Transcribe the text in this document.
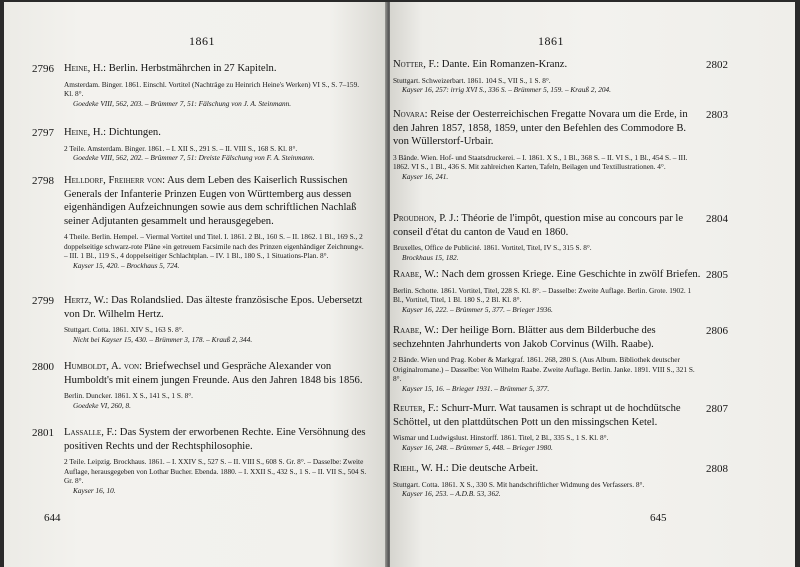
1861
2796 Heine, H.: Berlin. Herbstmährchen in 27 Kapiteln.

Amsterdam. Binger. 1861. Einschl. Vortitel (Nachträge zu Heinrich Heine's Werken) VI S., S. 7–159. Kl. 8°.

Goedeke VIII, 562, 203. – Brümmer 7, 51: Fälschung von J. A. Steinmann.

2797 Heine, H.: Dichtungen.

2 Teile. Amsterdam. Binger. 1861. – I. XII S., 291 S. – II. VIII S., 168 S. Kl. 8°.

Goedeke VIII, 562, 202. – Brümmer 7, 51: Dreiste Fälschung von F. A. Steinmann.

2798 Helldorf, Freiherr von: Aus dem Leben des Kaiserlich Russischen Generals der Infanterie Prinzen Eugen von Württemberg aus dessen eigenhändigen Aufzeichnungen sowie aus dem schriftlichen Nachlaß seiner Adjutanten gesammelt und herausgegeben.

4 Theile. Berlin. Hempel. – Viermal Vortitel und Titel. I. 1861. 2 Bl., 160 S. – II. 1862. 1 Bl., 169 S., 2 doppelseitige schwarz-rote Pläne »in getreuem Facsimile nach des Prinzen eigenhändiger Zeichnung«. – III. 1 Bl., 119 S., 4 doppelseitiger Schlachtplan. – IV. 1 Bl., 180 S., 1 Situations-Plan. 8°.

Kayser 15, 420. – Brockhaus 5, 724.

2799 Hertz, W.: Das Rolandslied. Das älteste französische Epos. Uebersetzt von Dr. Wilhelm Hertz.

Stuttgart. Cotta. 1861. XIV S., 163 S. 8°.

Nicht bei Kayser 15, 430. – Brümmer 3, 178. – Krauß 2, 344.

2800 Humboldt, A. von: Briefwechsel und Gespräche Alexander von Humboldt's mit einem jungen Freunde. Aus den Jahren 1848 bis 1856.

Berlin. Duncker. 1861. X S., 141 S., 1 S. 8°.

Goedeke VI, 260, 8.

2801 Lassalle, F.: Das System der erworbenen Rechte. Eine Versöhnung des positiven Rechts und der Rechtsphilosophie.

2 Teile. Leipzig. Brockhaus. 1861. – I. XXIV S., 527 S. – II. VIII S., 608 S. Gr. 8°. – Dasselbe: Zweite Auflage, herausgegeben von Lothar Bucher. Ebenda. 1880. – I. XXII S., 432 S., 1 S. – II. VII S., 504 S. Gr. 8°.

Kayser 16, 10.

644
1861
2802

Notter, F.: Dante. Ein Romanzen-Kranz.

Stuttgart. Schweizerbart. 1861. 104 S., VII S., 1 S. 8°.

Kayser 16, 257: irrig XVI S., 336 S. – Brümmer 5, 159. – Krauß 2, 204.

2803

Novara: Reise der Oesterreichischen Fregatte Novara um die Erde, in den Jahren 1857, 1858, 1859, unter den Befehlen des Commodore B. von Wüllerstorf-Urbair.

3 Bände. Wien. Hof- und Staatsdruckerei. – I. 1861. X S., 1 Bl., 368 S. – II. VI S., 1 Bl., 454 S. – III. 1862. VI S., 1 Bl., 436 S. Mit zahlreichen Karten, Tafeln, Beilagen und Textillustrationen. 4°.

Kayser 16, 241.

2804

Proudhon, P. J.: Théorie de l'impôt, question mise au concours par le conseil d'état du canton de Vaud en 1860.

Bruxelles, Office de Publicité. 1861. Vortitel, Titel, IV S., 315 S. 8°.

Brockhaus 15, 182.

2805

Raabe, W.: Nach dem grossen Kriege. Eine Geschichte in zwölf Briefen.

Berlin. Schotte. 1861. Vortitel, Titel, 228 S. Kl. 8°. – Dasselbe: Zweite Auflage. Berlin. Grote. 1902. 1 Bl., Vortitel, Titel, 1 Bl. 180 S., 2 Bl. Kl. 8°.

Kayser 16, 222. – Brümmer 5, 377. – Brieger 1936.

2806

Raabe, W.: Der heilige Born. Blätter aus dem Bilderbuche des sechzehnten Jahrhunderts von Jakob Corvinus (Wilh. Raabe).

2 Bände. Wien und Prag. Kober & Markgraf. 1861. 268, 280 S. (Aus Album. Bibliothek deutscher Originalromane.) – Dasselbe: Von Wilhelm Raabe. Zweite Auflage. Berlin. Janke. 1891. VIII S., 321 S. 8°.

Kayser 15, 16. – Brieger 1931. – Brümmer 5, 377.

2807

Reuter, F.: Schurr-Murr. Wat tausamen is schrapt ut de hochdütsche Schöttel, ut den plattdütschen Pott un den missingschen Ketel.

Wismar und Ludwigslust. Hinstorff. 1861. Titel, 2 Bl., 335 S., 1 S. Kl. 8°.

Kayser 16, 248. – Brümmer 5, 448. – Brieger 1980.

2808

Riehl, W. H.: Die deutsche Arbeit.

Stuttgart. Cotta. 1861. X S., 330 S. Mit handschriftlicher Widmung des Verfassers. 8°.

Kayser 16, 253. – A.D.B. 53, 362.

645
